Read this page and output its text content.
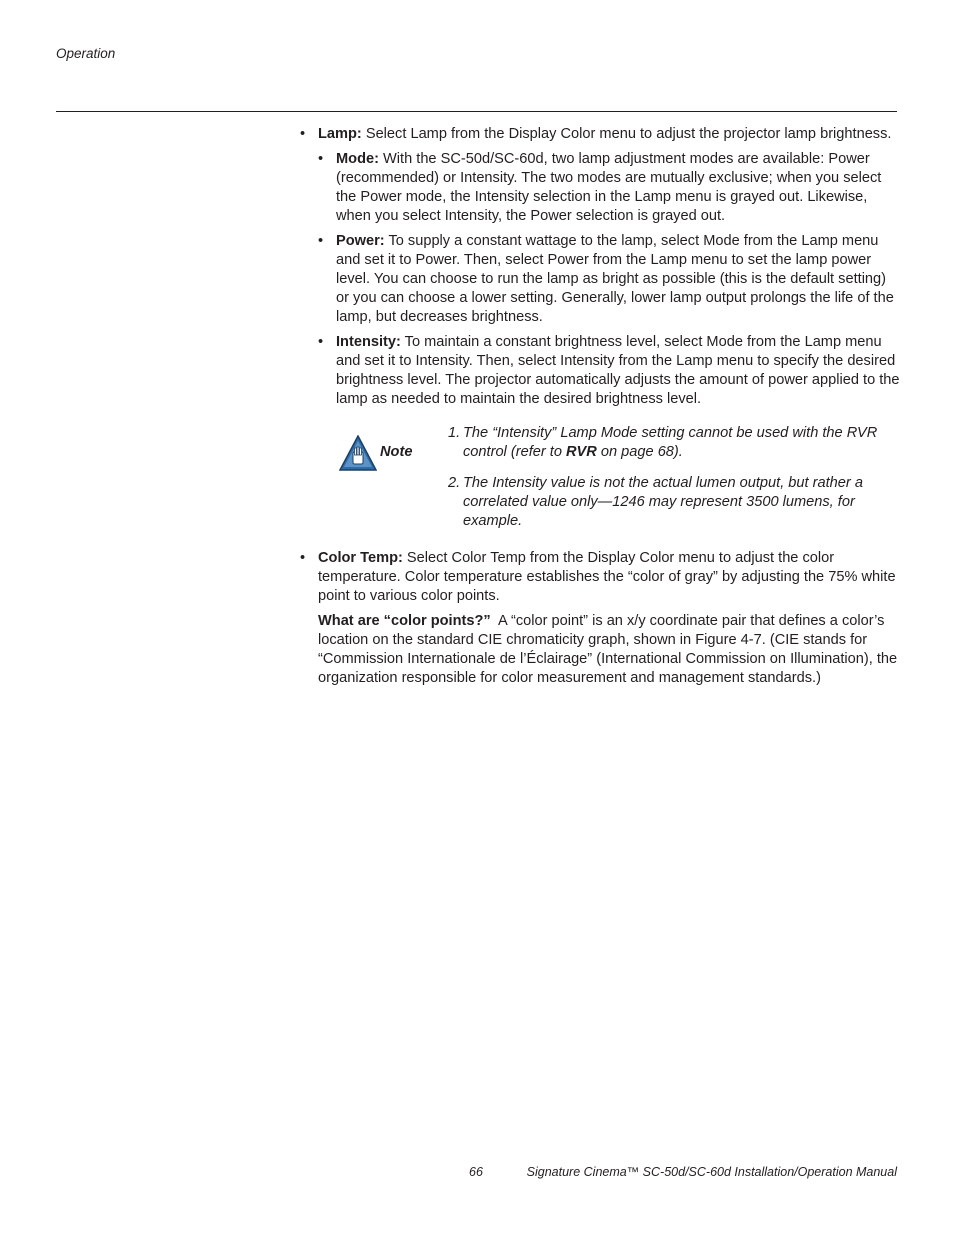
Operation
• Lamp: Select Lamp from the Display Color menu to adjust the projector lamp brightness.
• Mode: With the SC-50d/SC-60d, two lamp adjustment modes are available: Power (recommended) or Intensity. The two modes are mutually exclusive; when you select the Power mode, the Intensity selection in the Lamp menu is grayed out. Likewise, when you select Intensity, the Power selection is grayed out.
• Power: To supply a constant wattage to the lamp, select Mode from the Lamp menu and set it to Power. Then, select Power from the Lamp menu to set the lamp power level. You can choose to run the lamp as bright as possible (this is the default setting) or you can choose a lower setting. Generally, lower lamp output prolongs the life of the lamp, but decreases brightness.
• Intensity: To maintain a constant brightness level, select Mode from the Lamp menu and set it to Intensity. Then, select Intensity from the Lamp menu to specify the desired brightness level. The projector automatically adjusts the amount of power applied to the lamp as needed to maintain the desired brightness level.
Note
1. The “Intensity” Lamp Mode setting cannot be used with the RVR control (refer to RVR on page 68).
2. The Intensity value is not the actual lumen output, but rather a correlated value only—1246 may represent 3500 lumens, for example.
• Color Temp: Select Color Temp from the Display Color menu to adjust the color temperature. Color temperature establishes the “color of gray” by adjusting the 75% white point to various color points.
What are “color points?”  A “color point” is an x/y coordinate pair that defines a color’s location on the standard CIE chromaticity graph, shown in Figure 4-7. (CIE stands for “Commission Internationale de l’Éclairage” (International Commission on Illumination), the organization responsible for color measurement and management standards.)
66	Signature Cinema™ SC-50d/SC-60d Installation/Operation Manual
